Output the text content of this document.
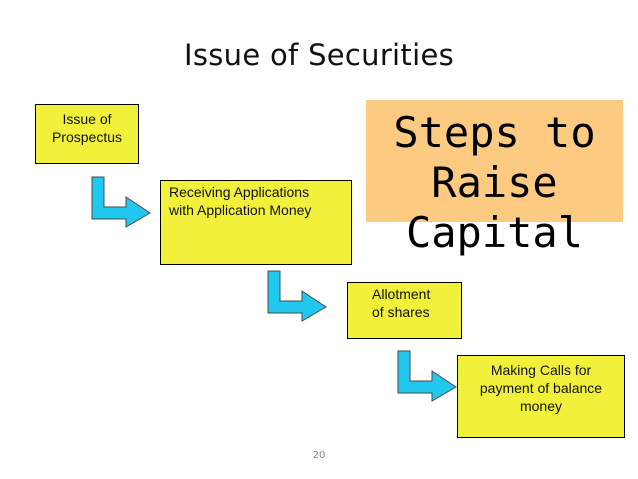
Issue of Securities
Steps to
Raise
Capital
Issue of
Prospectus
Receiving Applications
with Application Money
Allotment
of shares
Making Calls for
payment of balance
money
20
